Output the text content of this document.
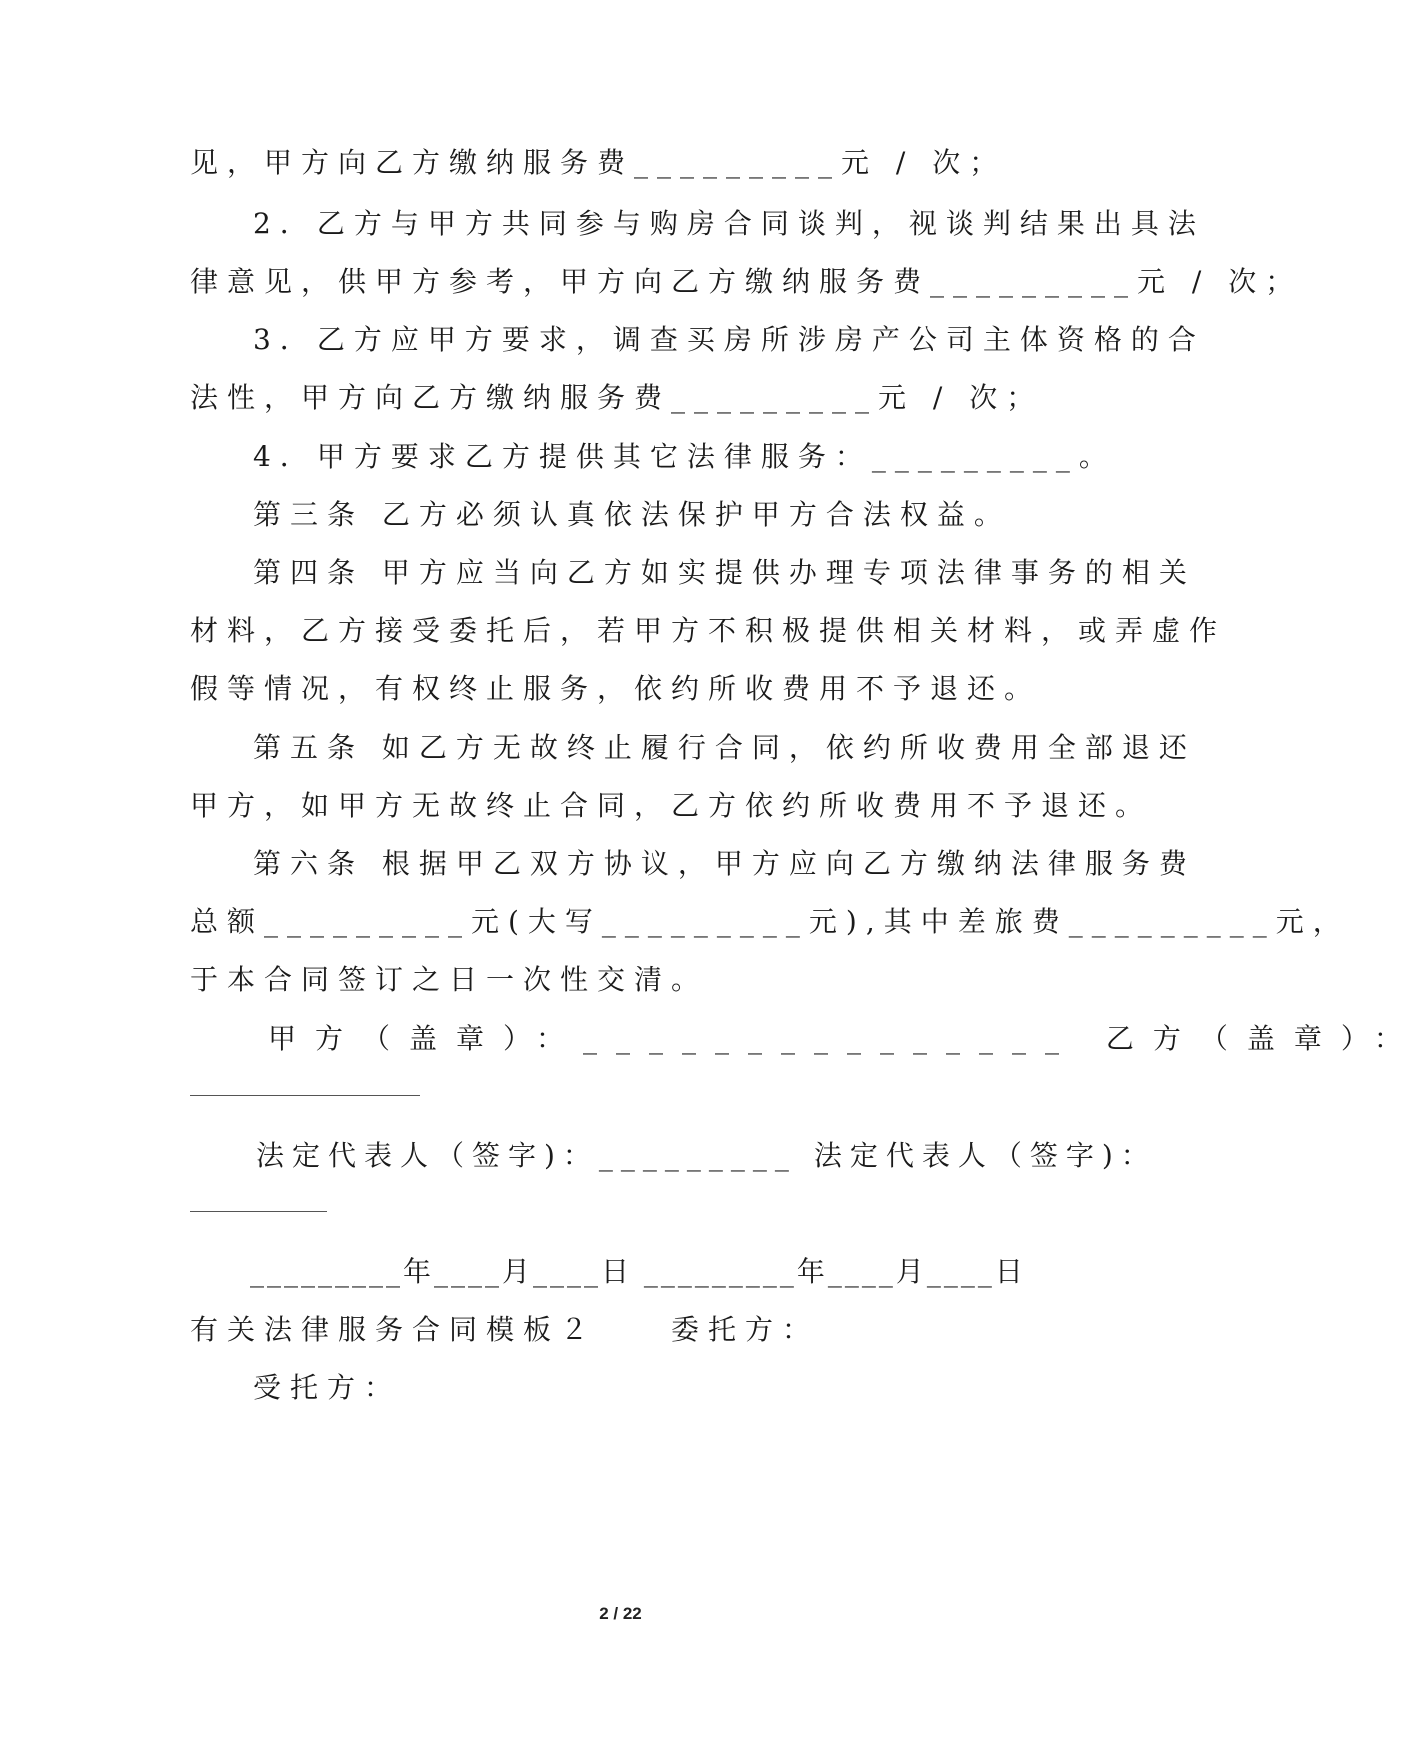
见，甲方向乙方缴纳服务费_________元 / 次；
2．乙方与甲方共同参与购房合同谈判，视谈判结果出具法
律意见，供甲方参考，甲方向乙方缴纳服务费_________元 / 次；
3．乙方应甲方要求，调查买房所涉房产公司主体资格的合
法性，甲方向乙方缴纳服务费_________元 / 次；
4．甲方要求乙方提供其它法律服务：_________。
第三条 乙方必须认真依法保护甲方合法权益。
第四条 甲方应当向乙方如实提供办理专项法律事务的相关
材料，乙方接受委托后，若甲方不积极提供相关材料，或弄虚作
假等情况，有权终止服务，依约所收费用不予退还。
第五条 如乙方无故终止履行合同，依约所收费用全部退还
甲方，如甲方无故终止合同，乙方依约所收费用不予退还。
第六条 根据甲乙双方协议，甲方应向乙方缴纳法律服务费
总额_________元(大写_________元),其中差旅费_________元，
于本合同签订之日一次性交清。
甲方（盖章）：_______________ 乙方（盖章）：
法定代表人（签字)：_________ 法定代表人（签字)：
_________年____月____日 _________年____月____日
有关法律服务合同模板２　　委托方：
受托方：
2 / 22
